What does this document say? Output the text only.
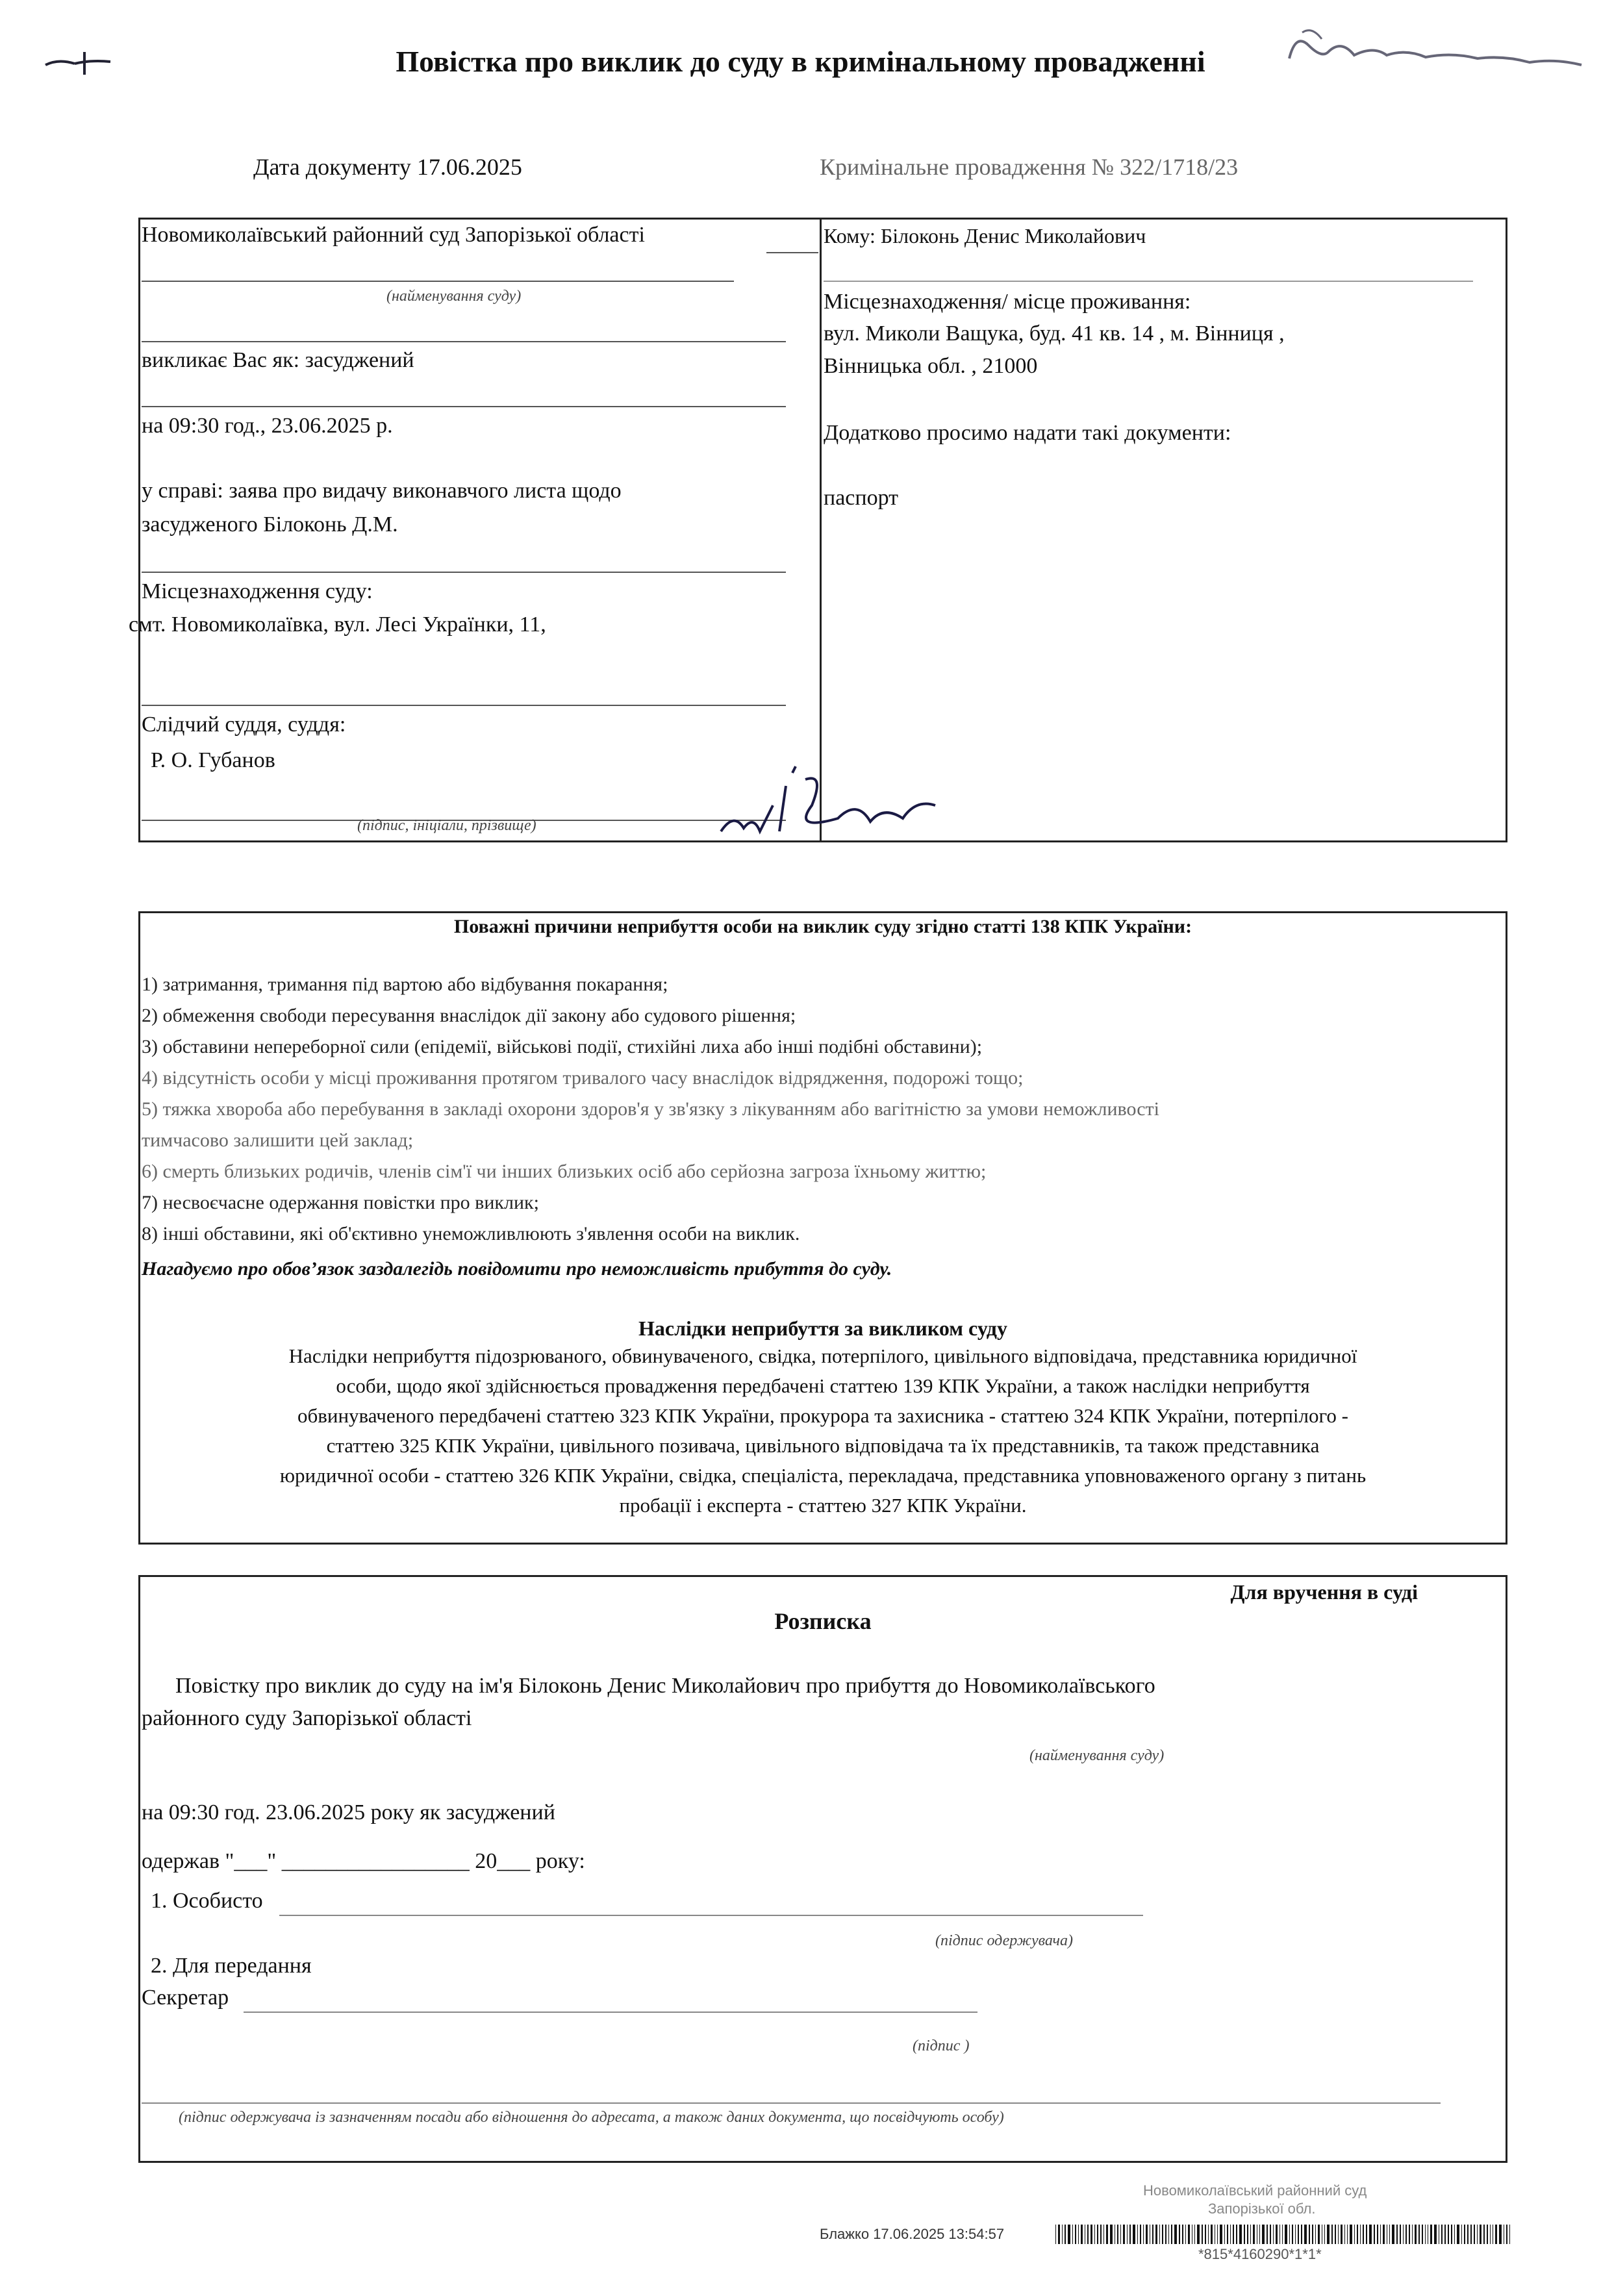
Повістка про виклик до суду в кримінальному провадженні
Дата документу 17.06.2025	Кримінальне провадження № 322/1718/23
Новомиколаївський районний суд Запорізької області
(найменування суду)
викликає Вас як: засуджений
на 09:30 год., 23.06.2025 р.
у справі: заява про видачу виконавчого листа щодо
засудженого Білоконь Д.М.
Місцезнаходження суду:
смт. Новомиколаївка, вул. Лесі Українки, 11,
Слідчий суддя, суддя:
Р. О. Губанов
(підпис, ініціали, прізвище)
Кому: Білоконь Денис Миколайович
Місцезнаходження/ місце проживання:
вул. Миколи Ващука, буд. 41 кв. 14 , м. Вінниця ,
Вінницька обл. , 21000
Додатково просимо надати такі документи:
паспорт
Поважні причини неприбуття особи на виклик суду згідно статті 138 КПК України:

1) затримання, тримання під вартою або відбування покарання;

2) обмеження свободи пересування внаслідок дії закону або судового рішення;

3) обставини непереборної сили (епідемії, військові події, стихійні лиха або інші подібні обставини);

4) відсутність особи у місці проживання протягом тривалого часу внаслідок відрядження, подорожі тощо;

5) тяжка хвороба або перебування в закладі охорони здоров'я у зв'язку з лікуванням або вагітністю за умови неможливості

тимчасово залишити цей заклад;

6) смерть близьких родичів, членів сім'ї чи інших близьких осіб або серйозна загроза їхньому життю;

7) несвоєчасне одержання повістки про виклик;

8) інші обставини, які об'єктивно унеможливлюють з'явлення особи на виклик.

Нагадуємо про обов’язок заздалегідь повідомити про неможливість прибуття до суду.
Наслідки неприбуття за викликом суду
Наслідки неприбуття підозрюваного, обвинуваченого, свідка, потерпілого, цивільного відповідача, представника юридичної
особи, щодо якої здійснюється провадження передбачені статтею 139 КПК України, а також наслідки неприбуття
обвинуваченого передбачені статтею 323 КПК України, прокурора та захисника - статтею 324 КПК України, потерпілого -
статтею 325 КПК України, цивільного позивача, цивільного відповідача та їх представників, та також представника
юридичної особи - статтею 326 КПК України, свідка, спеціаліста, перекладача, представника уповноваженого органу з питань
пробації і експерта - статтею 327 КПК України.
Для вручення в суді
Розписка
Повістку про виклик до суду на ім'я Білоконь Денис Миколайович про прибуття до Новомиколаївського
районного суду Запорізької області
(найменування суду)
на 09:30 год. 23.06.2025 року як засуджений
одержав "___" _________________ 20___ року:
1. Особисто
(підпис одержувача)
2. Для передання
Секретар
(підпис )
(підпис одержувача із зазначенням посади або відношення до адресата, а також даних документа, що посвідчують особу)
Новомиколаївський районний суд
Запорізької обл.
Блажко 17.06.2025 13:54:57
*815*4160290*1*1*
